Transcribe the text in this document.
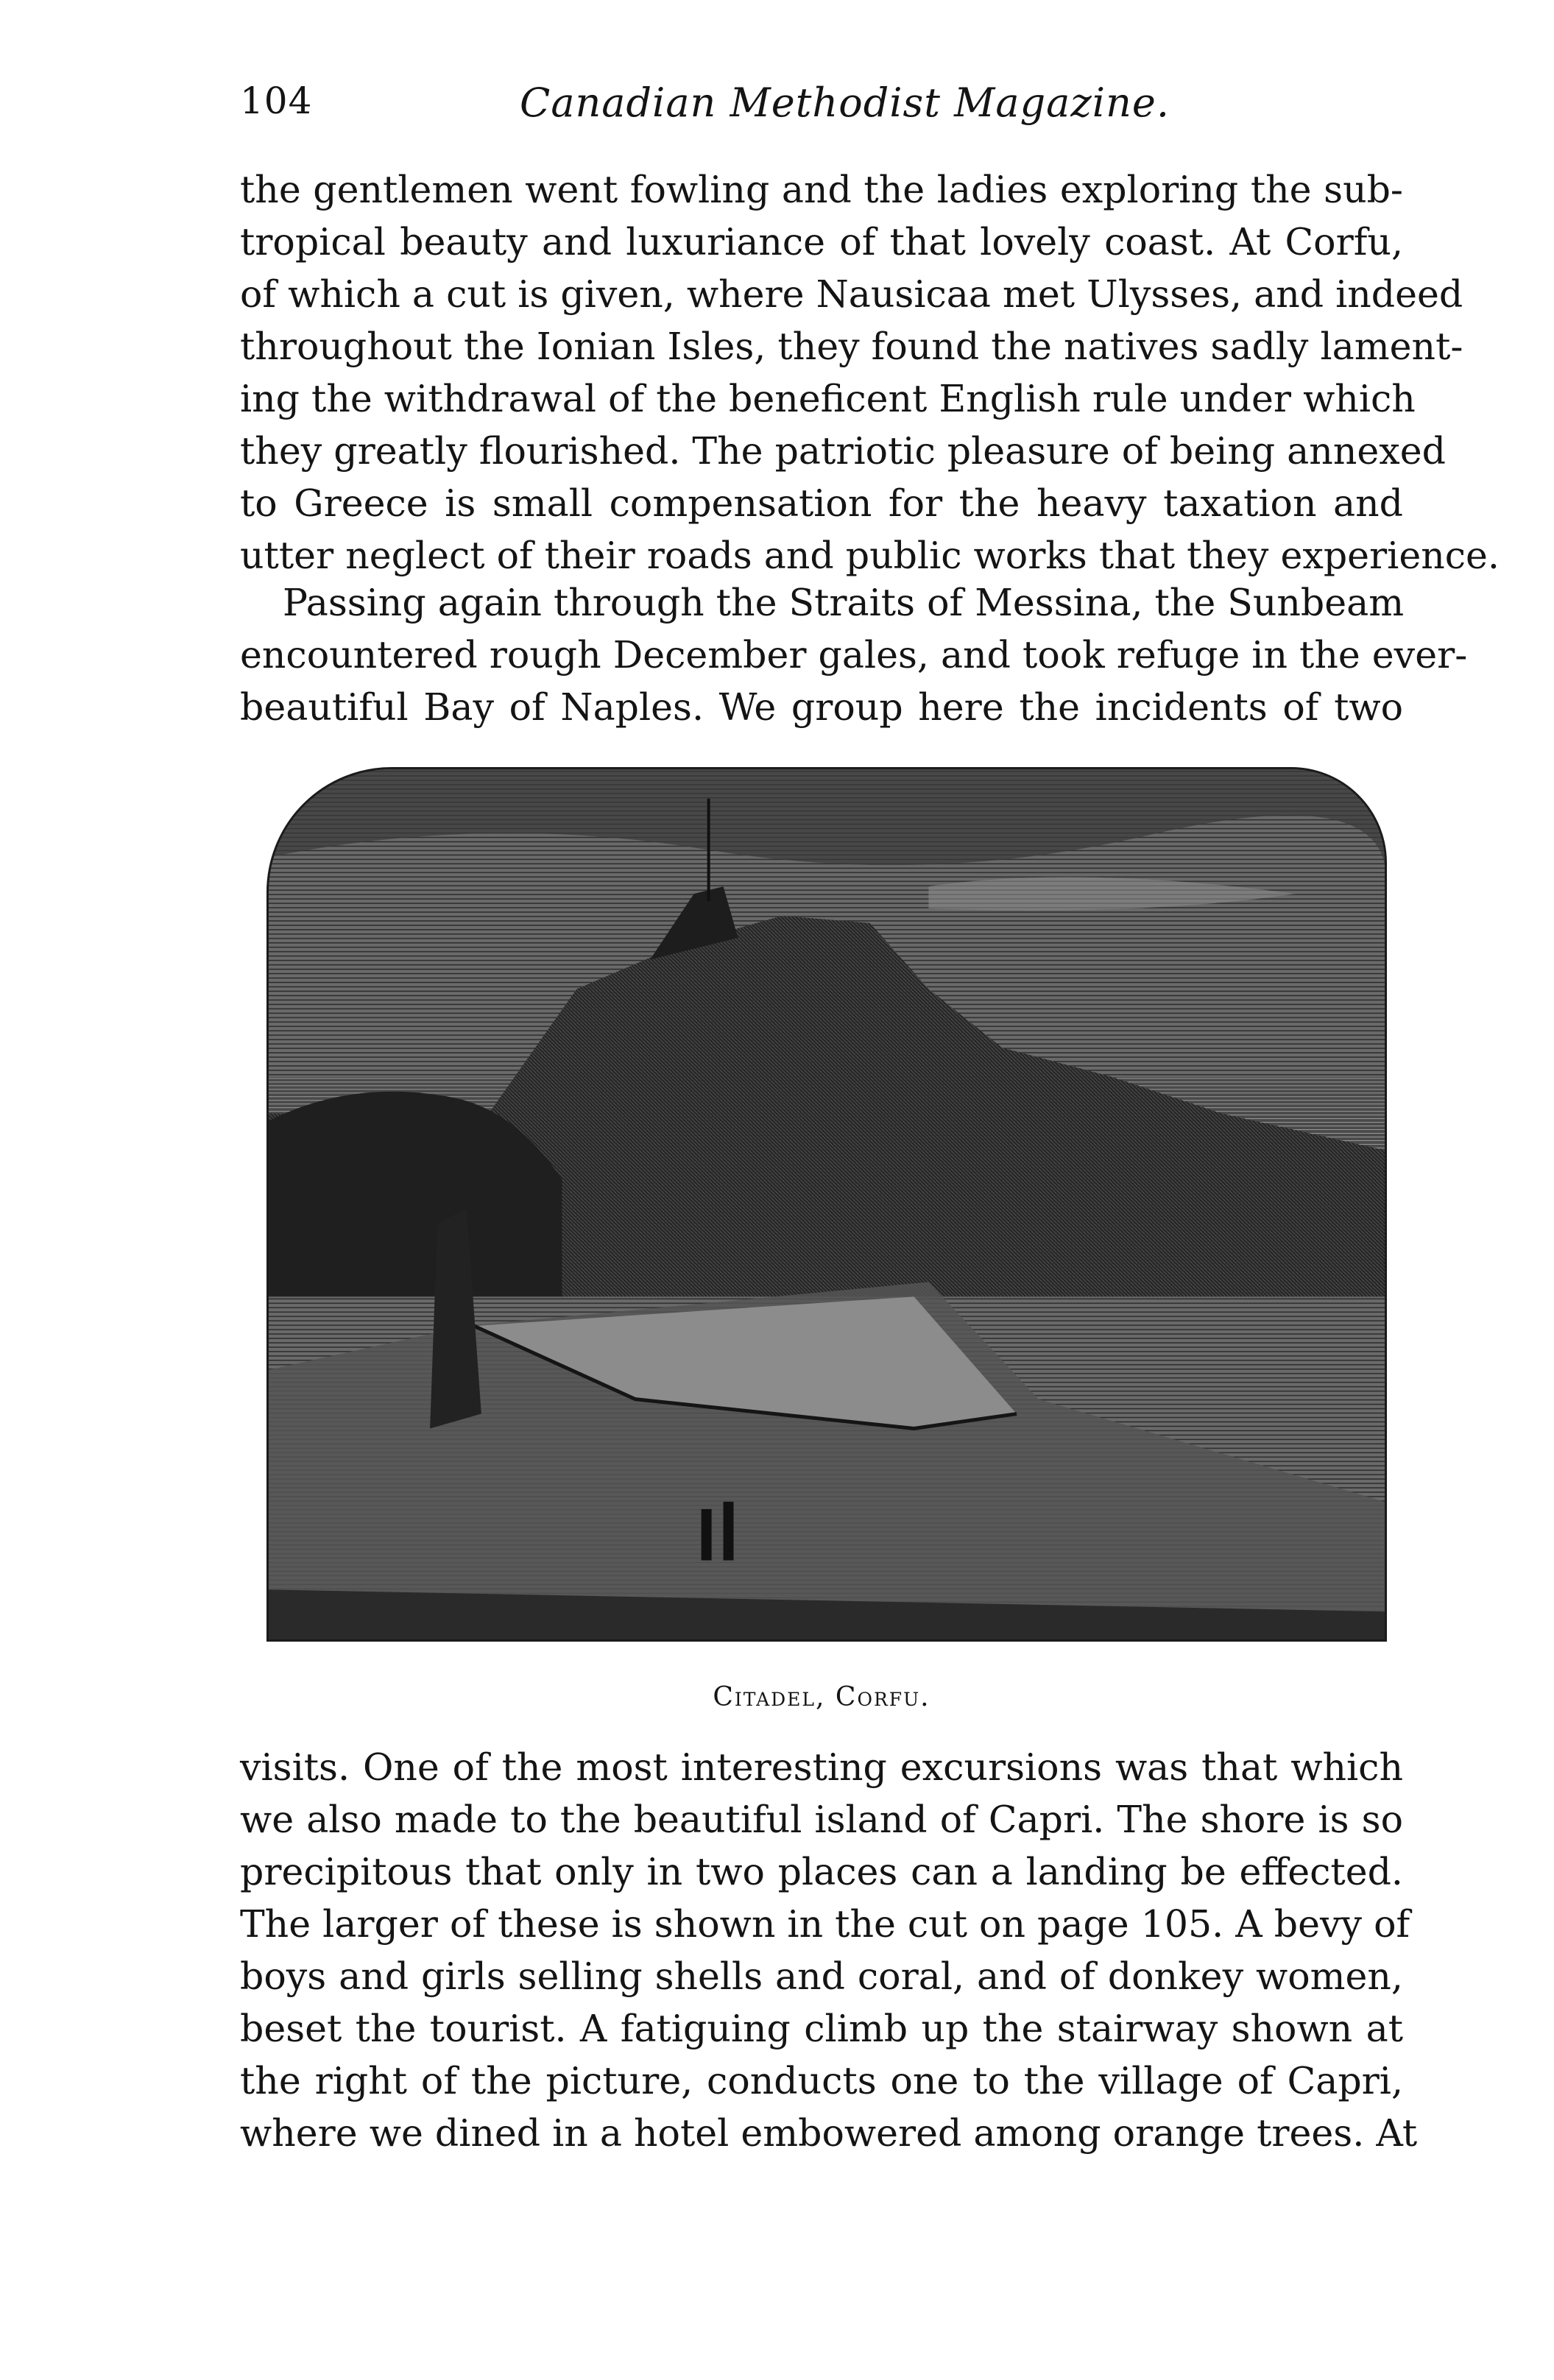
104	Canadian Methodist Magazine.
the gentlemen went fowling and the ladies exploring the sub-
tropical beauty and luxuriance of that lovely coast. At Corfu,
of which a cut is given, where Nausicaa met Ulysses, and indeed
throughout the Ionian Isles, they found the natives sadly lament-
ing the withdrawal of the beneficent English rule under which
they greatly flourished. The patriotic pleasure of being annexed
to Greece is small compensation for the heavy taxation and
utter neglect of their roads and public works that they experience.
Passing again through the Straits of Messina, the Sunbeam
encountered rough December gales, and took refuge in the ever-
beautiful Bay of Naples. We group here the incidents of two
Citadel, Corfu.
visits. One of the most interesting excursions was that which
we also made to the beautiful island of Capri. The shore is so
precipitous that only in two places can a landing be effected.
The larger of these is shown in the cut on page 105. A bevy of
boys and girls selling shells and coral, and of donkey women,
beset the tourist. A fatiguing climb up the stairway shown at
the right of the picture, conducts one to the village of Capri,
where we dined in a hotel embowered among orange trees. At
